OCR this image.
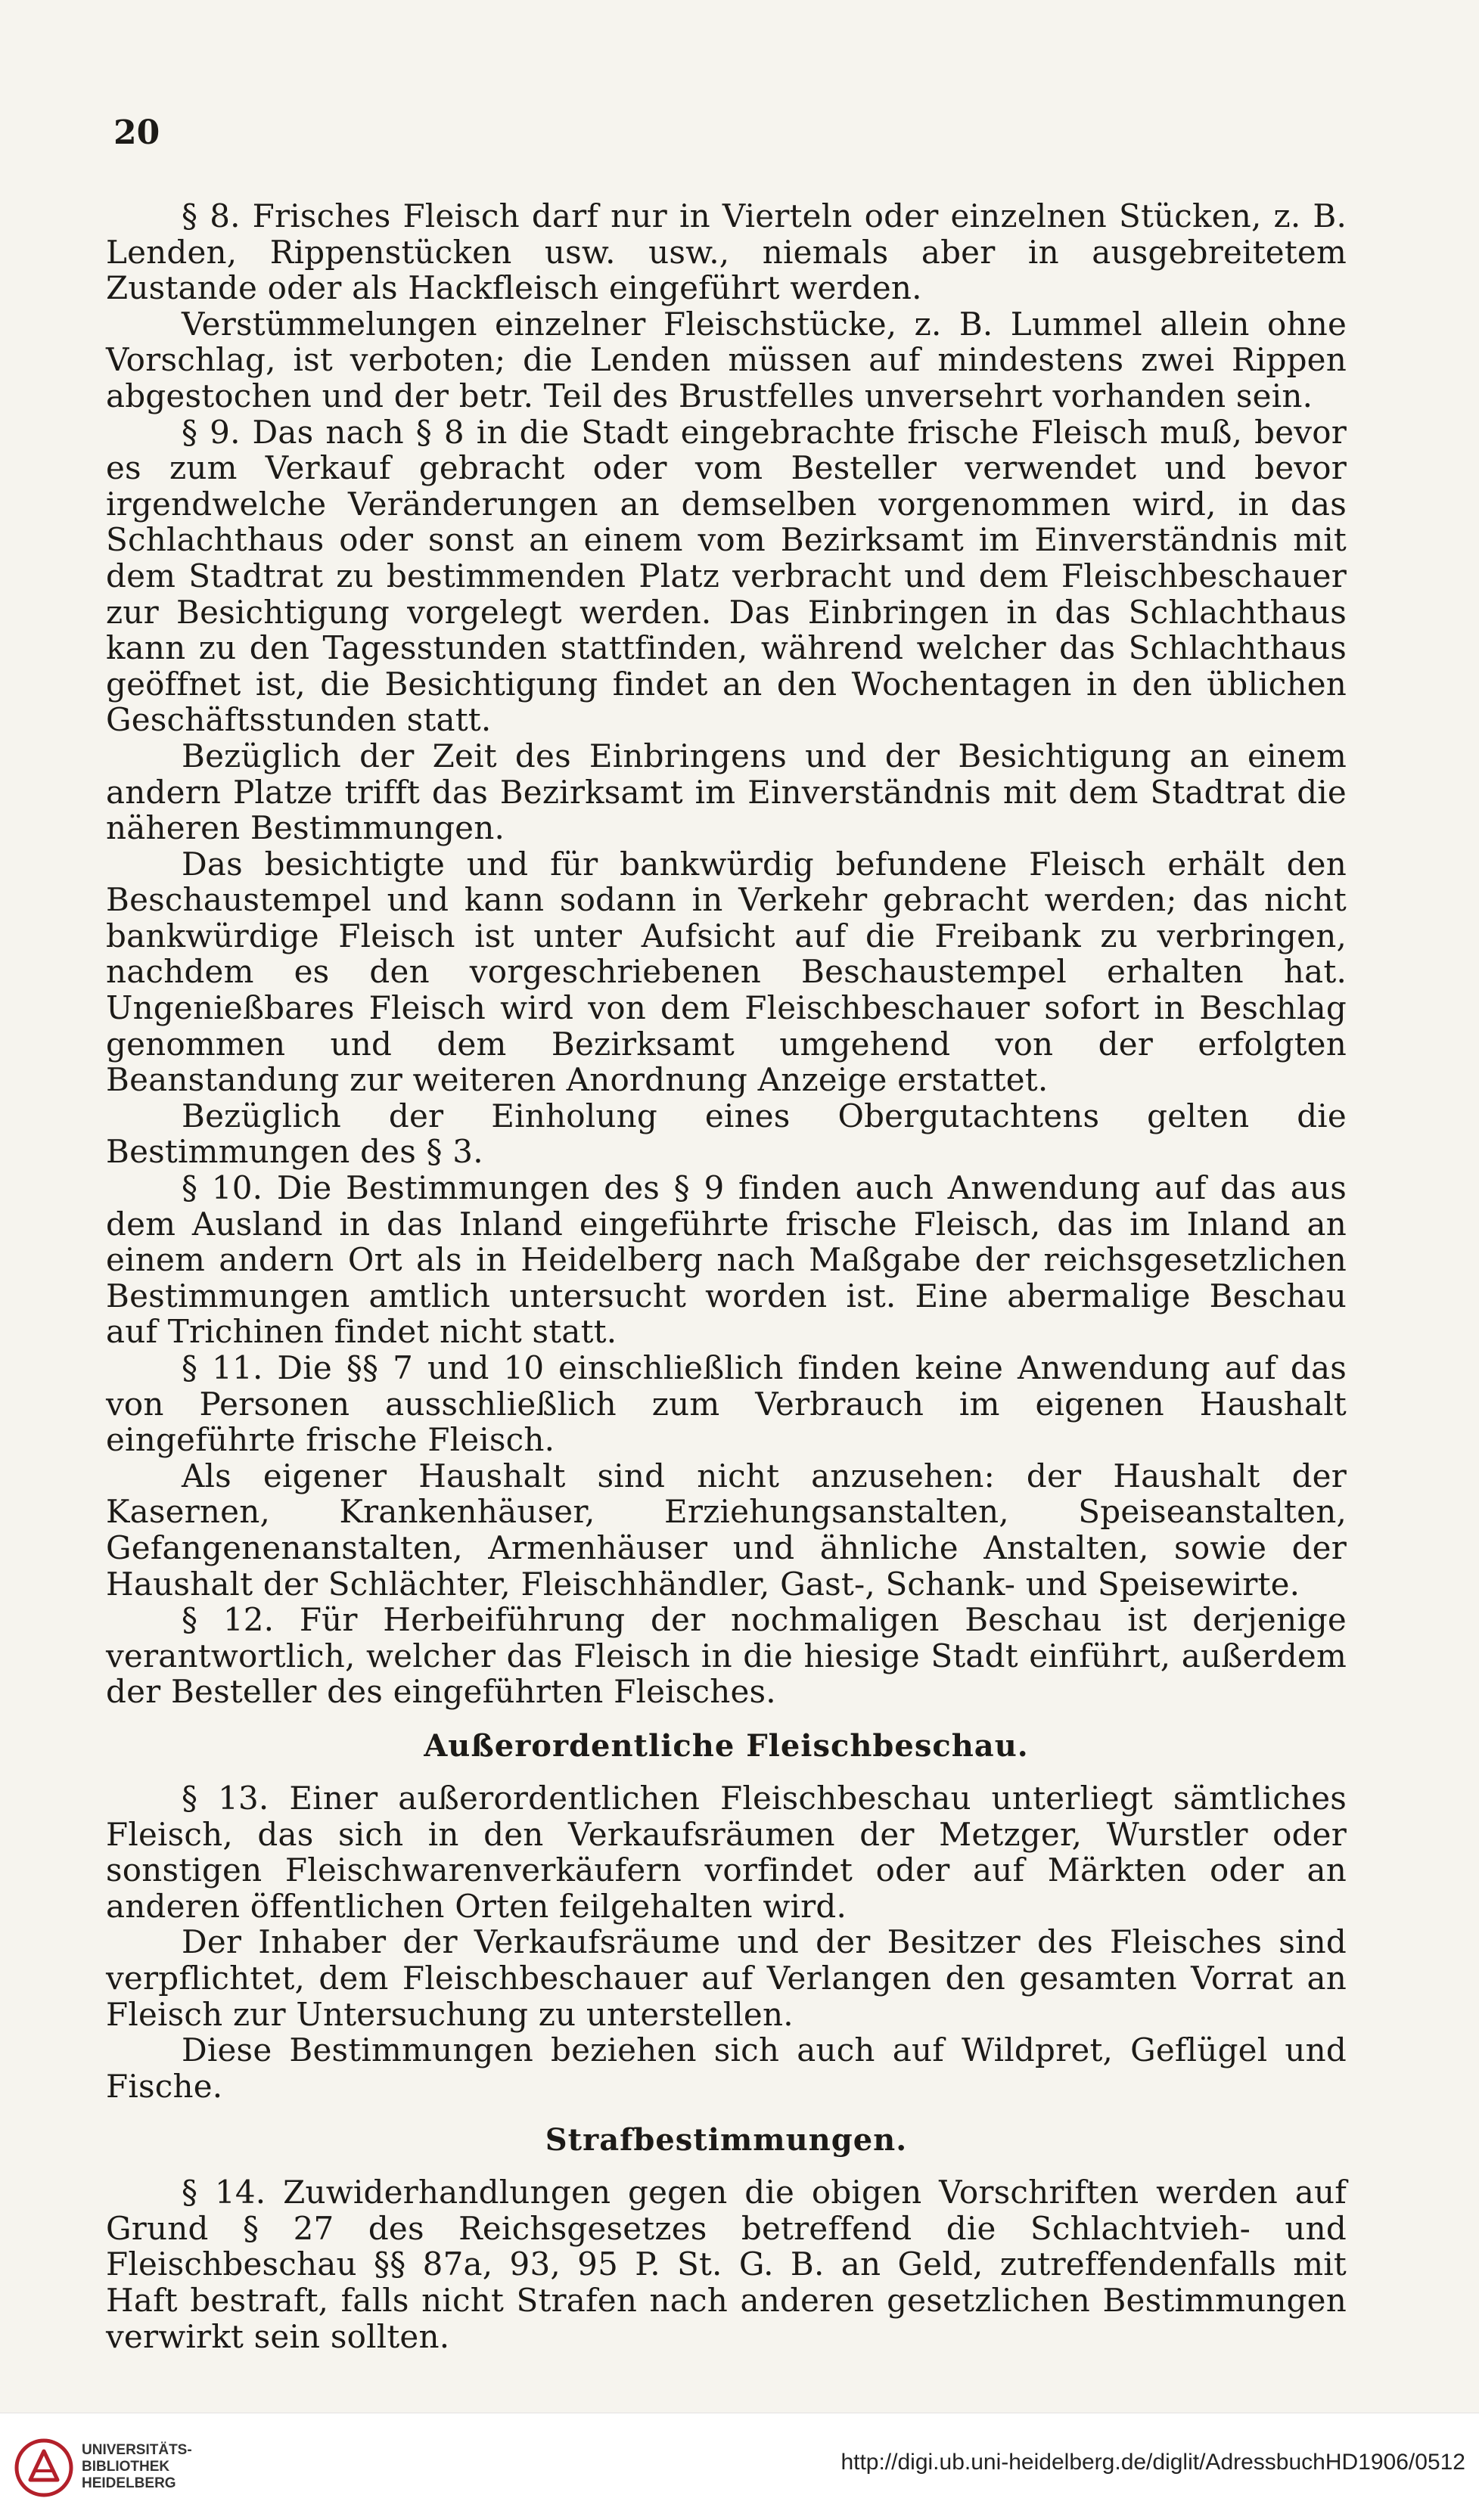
20

§ 8. Frisches Fleisch darf nur in Vierteln oder einzelnen Stücken, z. B. Lenden, Rippenstücken usw. usw., niemals aber in ausgebreitetem Zustande oder als Hackfleisch eingeführt werden.

Verstümmelungen einzelner Fleischstücke, z. B. Lummel allein ohne Vorschlag, ist verboten; die Lenden müssen auf mindestens zwei Rippen abgestochen und der betr. Teil des Brustfelles unversehrt vorhanden sein.

§ 9. Das nach § 8 in die Stadt eingebrachte frische Fleisch muß, bevor es zum Verkauf gebracht oder vom Besteller verwendet und bevor irgendwelche Veränderungen an demselben vorgenommen wird, in das Schlachthaus oder sonst an einem vom Bezirksamt im Einverständnis mit dem Stadtrat zu bestimmenden Platz verbracht und dem Fleischbeschauer zur Besichtigung vorgelegt werden. Das Einbringen in das Schlachthaus kann zu den Tagesstunden stattfinden, während welcher das Schlachthaus geöffnet ist, die Besichtigung findet an den Wochentagen in den üblichen Geschäftsstunden statt.

Bezüglich der Zeit des Einbringens und der Besichtigung an einem andern Platze trifft das Bezirksamt im Einverständnis mit dem Stadtrat die näheren Bestimmungen.

Das besichtigte und für bankwürdig befundene Fleisch erhält den Beschaustempel und kann sodann in Verkehr gebracht werden; das nicht bankwürdige Fleisch ist unter Aufsicht auf die Freibank zu verbringen, nachdem es den vorgeschriebenen Beschaustempel erhalten hat. Ungenießbares Fleisch wird von dem Fleischbeschauer sofort in Beschlag genommen und dem Bezirksamt umgehend von der erfolgten Beanstandung zur weiteren Anordnung Anzeige erstattet.

Bezüglich der Einholung eines Obergutachtens gelten die Bestimmungen des § 3.

§ 10. Die Bestimmungen des § 9 finden auch Anwendung auf das aus dem Ausland in das Inland eingeführte frische Fleisch, das im Inland an einem andern Ort als in Heidelberg nach Maßgabe der reichsgesetzlichen Bestimmungen amtlich untersucht worden ist. Eine abermalige Beschau auf Trichinen findet nicht statt.

§ 11. Die §§ 7 und 10 einschließlich finden keine Anwendung auf das von Personen ausschließlich zum Verbrauch im eigenen Haushalt eingeführte frische Fleisch.

Als eigener Haushalt sind nicht anzusehen: der Haushalt der Kasernen, Krankenhäuser, Erziehungsanstalten, Speiseanstalten, Gefangenenanstalten, Armenhäuser und ähnliche Anstalten, sowie der Haushalt der Schlächter, Fleischhändler, Gast-, Schank- und Speisewirte.

§ 12. Für Herbeiführung der nochmaligen Beschau ist derjenige verantwortlich, welcher das Fleisch in die hiesige Stadt einführt, außerdem der Besteller des eingeführten Fleisches.

Außerordentliche Fleischbeschau.

§ 13. Einer außerordentlichen Fleischbeschau unterliegt sämtliches Fleisch, das sich in den Verkaufsräumen der Metzger, Wurstler oder sonstigen Fleischwarenverkäufern vorfindet oder auf Märkten oder an anderen öffentlichen Orten feilgehalten wird.

Der Inhaber der Verkaufsräume und der Besitzer des Fleisches sind verpflichtet, dem Fleischbeschauer auf Verlangen den gesamten Vorrat an Fleisch zur Untersuchung zu unterstellen.

Diese Bestimmungen beziehen sich auch auf Wildpret, Geflügel und Fische.

Strafbestimmungen.

§ 14. Zuwiderhandlungen gegen die obigen Vorschriften werden auf Grund § 27 des Reichsgesetzes betreffend die Schlachtvieh- und Fleischbeschau §§ 87a, 93, 95 P. St. G. B. an Geld, zutreffendenfalls mit Haft bestraft, falls nicht Strafen nach anderen gesetzlichen Bestimmungen verwirkt sein sollten.

UNIVERSITÄTS-
BIBLIOTHEK
HEIDELBERG
http://digi.ub.uni-heidelberg.de/diglit/AdressbuchHD1906/0512
